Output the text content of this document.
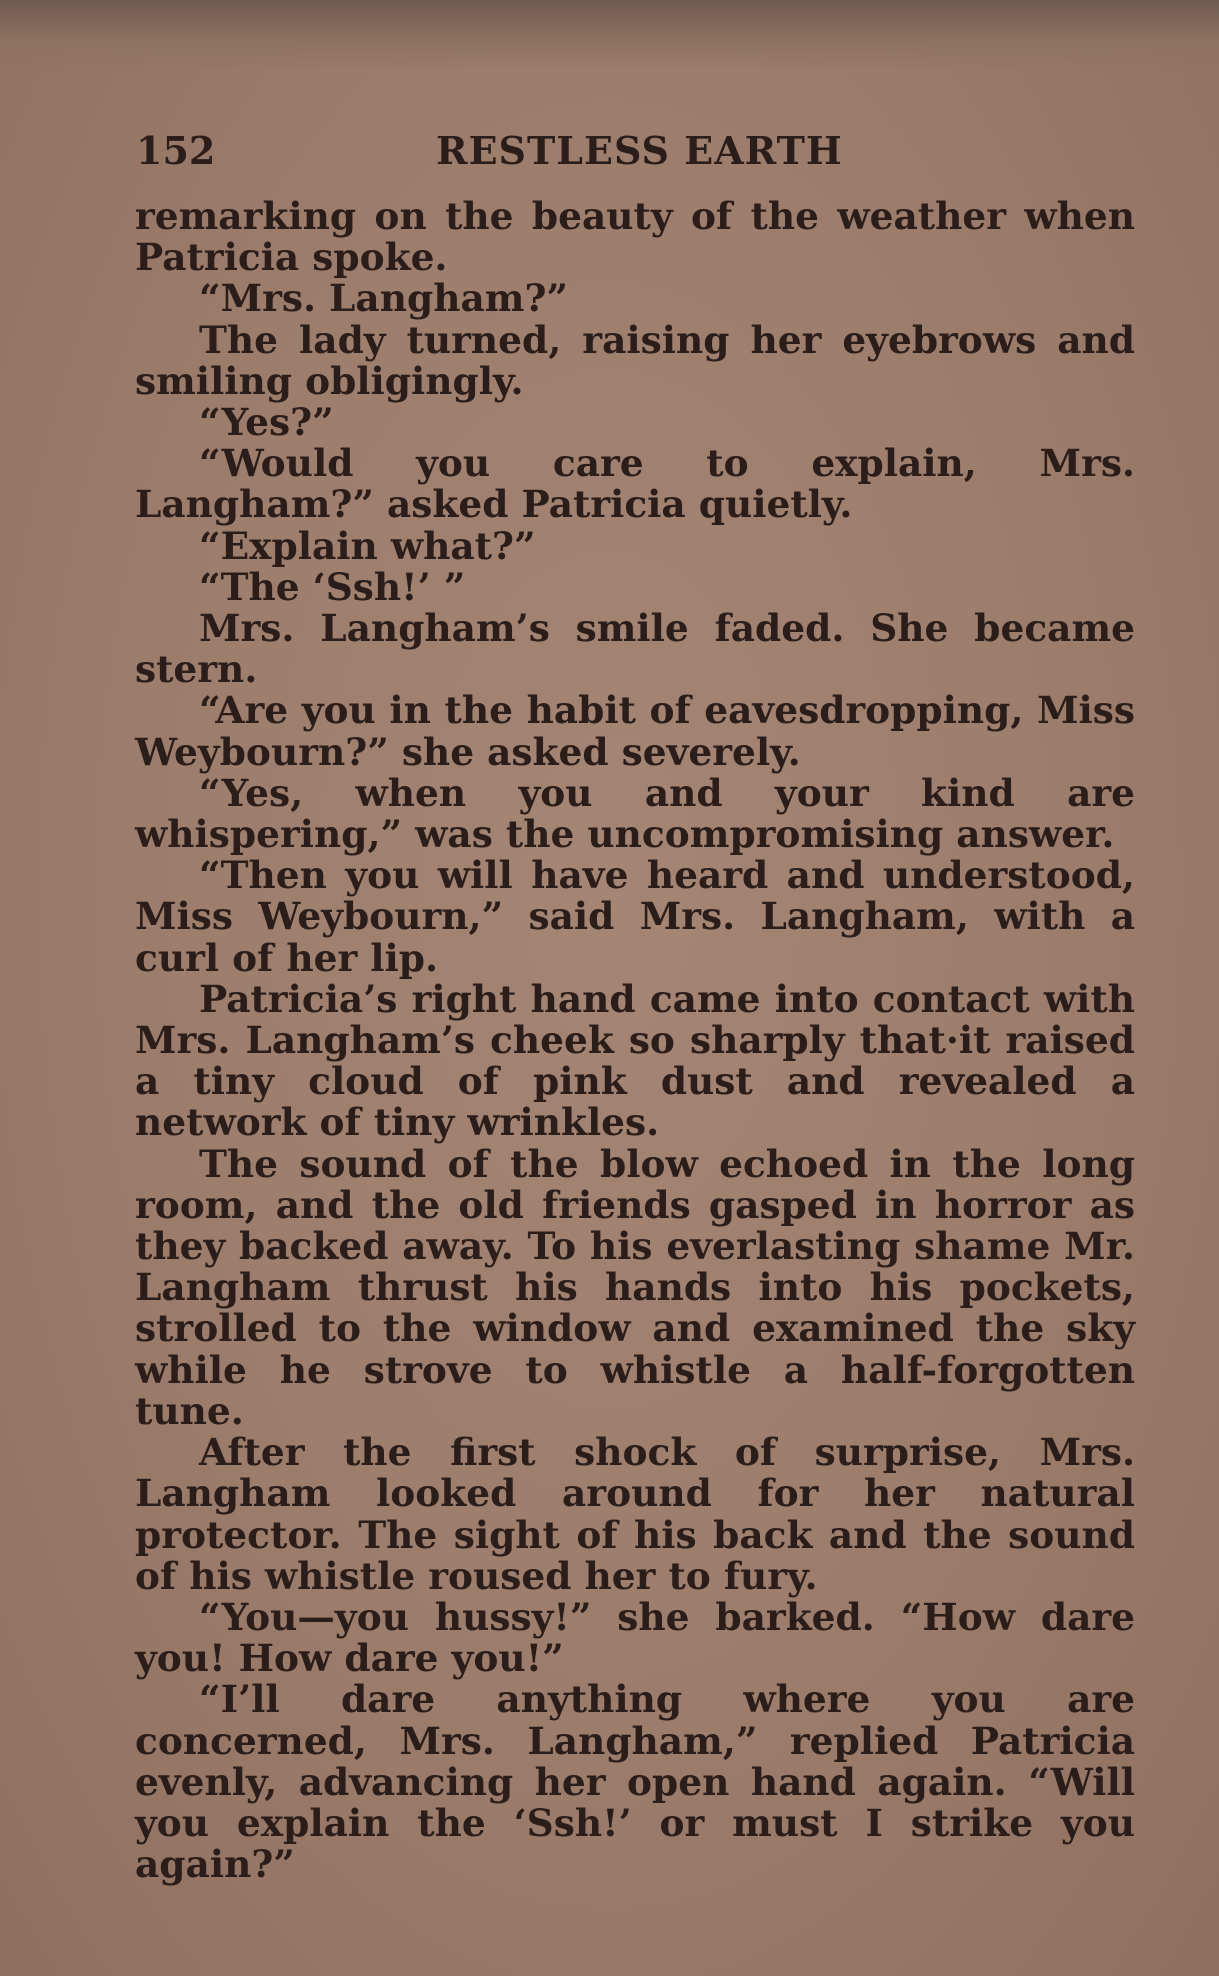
152	RESTLESS EARTH

remarking on the beauty of the weather when Patricia spoke.

“Mrs. Langham?”

The lady turned, raising her eyebrows and smiling obligingly.

“Yes?”

“Would you care to explain, Mrs. Langham?” asked Patricia quietly.

“Explain what?”

“The ‘Ssh!’ ”

Mrs. Langham’s smile faded. She became stern.

“Are you in the habit of eavesdropping, Miss Weybourn?” she asked severely.

“Yes, when you and your kind are whispering,” was the uncompromising answer.

“Then you will have heard and understood, Miss Weybourn,” said Mrs. Langham, with a curl of her lip.

Patricia’s right hand came into contact with Mrs. Langham’s cheek so sharply that·it raised a tiny cloud of pink dust and revealed a network of tiny wrinkles.

The sound of the blow echoed in the long room, and the old friends gasped in horror as they backed away. To his everlasting shame Mr. Langham thrust his hands into his pockets, strolled to the window and examined the sky while he strove to whistle a half-forgotten tune.

After the first shock of surprise, Mrs. Langham looked around for her natural protector. The sight of his back and the sound of his whistle roused her to fury.

“You—you hussy!” she barked. “How dare you! How dare you!”

“I’ll dare anything where you are concerned, Mrs. Langham,” replied Patricia evenly, advancing her open hand again. “Will you explain the ‘Ssh!’ or must I strike you again?”
